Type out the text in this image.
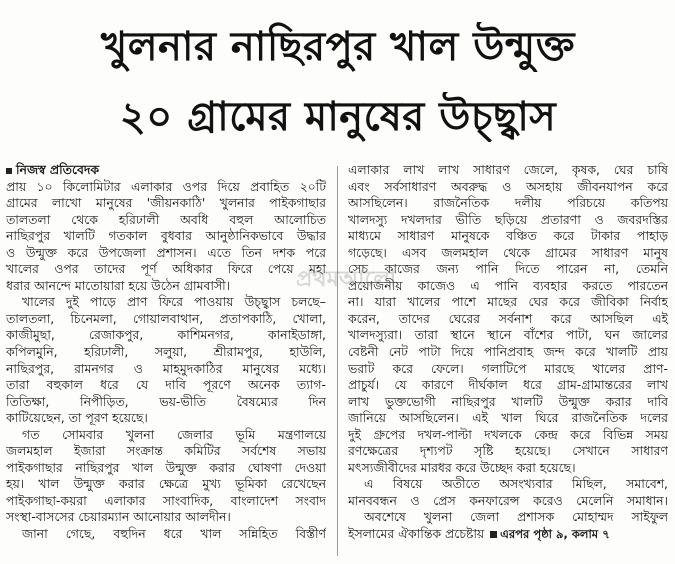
খুলনার নাছিরপুর খাল উন্মুক্ত
২০ গ্রামের মানুষের উচ্ছ্বাস
নিজস্ব প্রতিবেদক
প্রায় ১০ কিলোমিটার এলাকার ওপর দিয়ে প্রবাহিত ২০টি
গ্রামের লাখো মানুষের 'জীয়নকাঠি' খুলনার পাইকগাছার
তালতলা থেকে হরিঢালী অবধি বহুল আলোচিত
নাছিরপুর খালটি গতকাল বুধবার আনুষ্ঠানিকভাবে উদ্ধার
ও উন্মুক্ত করে উপজেলা প্রশাসন। এতে তিন দশক পরে
খালের ওপর তাদের পূর্ণ অধিকার ফিরে পেয়ে মহা
ধরার আনন্দে মাতোয়ারা হয়ে উঠেন গ্রামবাসী।
খালের দুই পাড়ে প্রাণ ফিরে পাওয়ায় উচ্ছ্বাস চলছে–
তালতলা, চিনেমলা, গোয়ালবাথান, প্রতাপকাঠি, খোলা,
কাজীমুছা, রেজাকপুর, কাশিমনগর, কানাইডাঙ্গা,
কপিলমুনি, হরিঢালী, সলুয়া, শ্রীরামপুর, হাউলি,
নাছিরপুর, রামনগর ও মাহমুদকাঠির মানুষের মধ্যে।
তারা বহুকাল ধরে যে দাবি পূরণে অনেক ত্যাগ-
তিতিক্ষা, নিপীড়িত, ভয়-ভীতি বৈষম্যের দিন
কাটিয়েছেন, তা পূরণ হয়েছে।
গত সোমবার খুলনা জেলার ভূমি মন্ত্রণালয়ে
জলমহাল ইজারা সংক্রান্ত কমিটির সর্বশেষ সভায়
পাইকগাছার নাছিরপুর খাল উন্মুক্ত করার ঘোষণা দেওয়া
হয়। খাল উন্মুক্ত করার ক্ষেত্রে মুখ্য ভূমিকা রেখেছেন
পাইকগাছা-কয়রা এলাকার সাংবাদিক, বাংলাদেশ সংবাদ
সংস্থা-বাসসের চেয়ারম্যান আনোয়ার আলদীন।
জানা গেছে, বহুদিন ধরে খাল সন্নিহিত বিস্তীর্ণ
এলাকার লাখ লাখ সাধারণ জেলে, কৃষক, ঘের চাষি
এবং সর্বসাধারণ অবরুদ্ধ ও অসহায় জীবনযাপন করে
আসছিলেন। রাজনৈতিক দলীয় পরিচয়ে কতিপয়
খালদস্যু দখলদার ভীতি ছড়িয়ে প্রতারণা ও জবরদস্তির
মাধ্যমে সাধারণ মানুষকে বঞ্চিত করে টাকার পাহাড়
গড়েছে। এসব জলমহাল থেকে গ্রামের সাধারণ মানুষ
সেচ কাজের জন্য পানি দিতে পারেন না, তেমনি
প্রয়োজনীয় কাজেও এ পানি ব্যবহার করতে পারতেন
না। যারা খালের পাশে মাছের ঘের করে জীবিকা নির্বাহ
করেন, তাদের ঘেরের সর্বনাশ করে আসছিল এই
খালদস্যুরা। তারা স্থানে স্থানে বাঁশের পাটা, ঘন জালের
বেষ্টনী নেট পাটা দিয়ে পানিপ্রবাহ জন্দ করে খালটি প্রায়
ভরাট করে ফেলে। গলাটিপে মারছে খালের প্রাণ-
প্রাচুর্য। যে কারণে দীর্ঘকাল ধরে গ্রাম-গ্রামান্তরের লাখ
লাখ ভুক্তভোগী নাছিরপুর খালটি উন্মুক্ত করার দাবি
জানিয়ে আসছিলেন। এই খাল ঘিরে রাজনৈতিক দলের
দুই গ্রুপের দখল-পাল্টা দখলকে কেন্দ্র করে বিভিন্ন সময়
রণক্ষেত্রের দৃশ্যপট সৃষ্টি হয়েছে। সেখানে সাধারণ
মৎস্যজীবীদের মারধর করে উচ্ছেদ করা হয়েছে।
এ বিষয়ে অতীতে অসংখ্যবার মিছিল, সমাবেশ,
মানববন্ধন ও প্রেস কনফারেন্স করেও মেলেনি সমাধান।
অবশেষে খুলনা জেলা প্রশাসক মোহাম্মদ সাইফুল
ইসলামের ঐকান্তিক প্রচেষ্টায় এরপর পৃষ্ঠা ৯, কলাম ৭
প্রথমআলো
